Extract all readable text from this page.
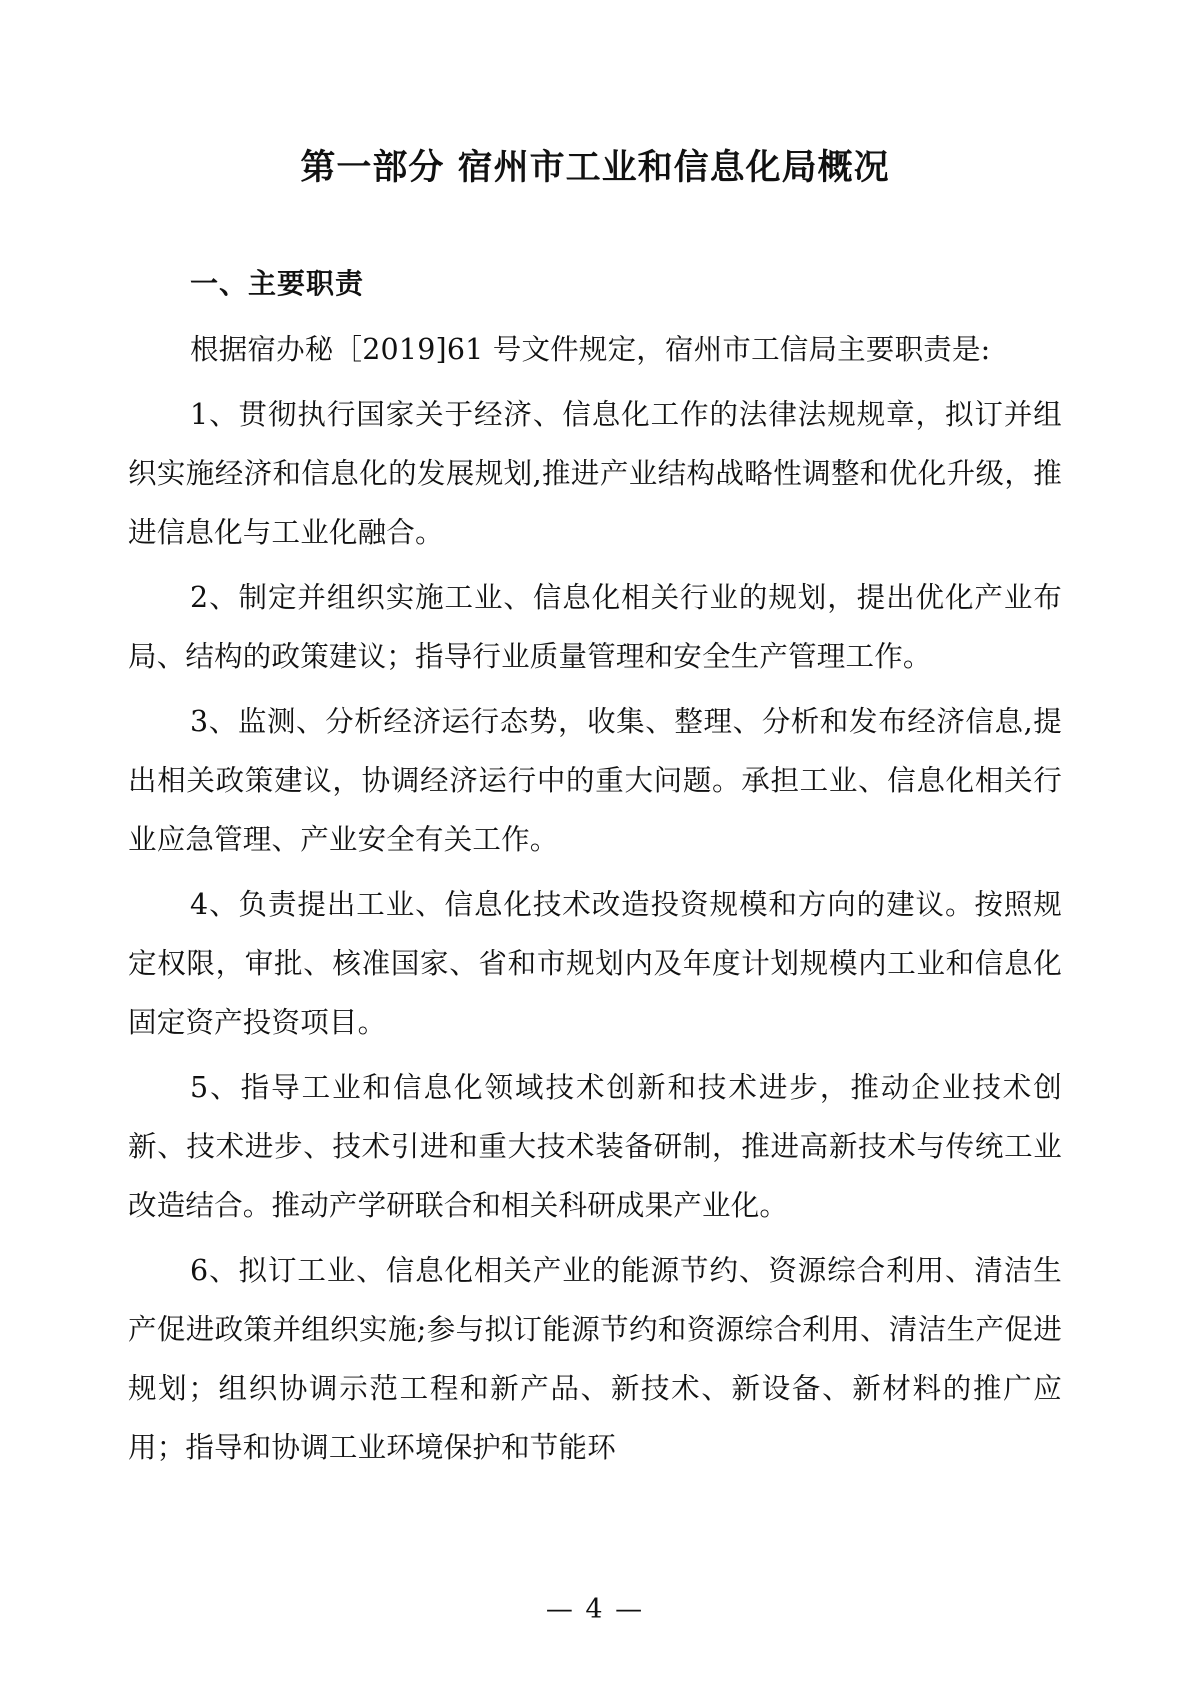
第一部分 宿州市工业和信息化局概况
一、主要职责

根据宿办秘［2019]61 号文件规定，宿州市工信局主要职责是:

1、贯彻执行国家关于经济、信息化工作的法律法规规章，拟订并组织实施经济和信息化的发展规划,推进产业结构战略性调整和优化升级，推进信息化与工业化融合。

2、制定并组织实施工业、信息化相关行业的规划，提出优化产业布局、结构的政策建议；指导行业质量管理和安全生产管理工作。

3、监测、分析经济运行态势，收集、整理、分析和发布经济信息,提出相关政策建议，协调经济运行中的重大问题。承担工业、信息化相关行业应急管理、产业安全有关工作。

4、负责提出工业、信息化技术改造投资规模和方向的建议。按照规定权限，审批、核准国家、省和市规划内及年度计划规模内工业和信息化固定资产投资项目。

5、指导工业和信息化领域技术创新和技术进步，推动企业技术创新、技术进步、技术引进和重大技术装备研制，推进高新技术与传统工业改造结合。推动产学研联合和相关科研成果产业化。

6、拟订工业、信息化相关产业的能源节约、资源综合利用、清洁生产促进政策并组织实施;参与拟订能源节约和资源综合利用、清洁生产促进规划；组织协调示范工程和新产品、新技术、新设备、新材料的推广应用；指导和协调工业环境保护和节能环

— 4 —
